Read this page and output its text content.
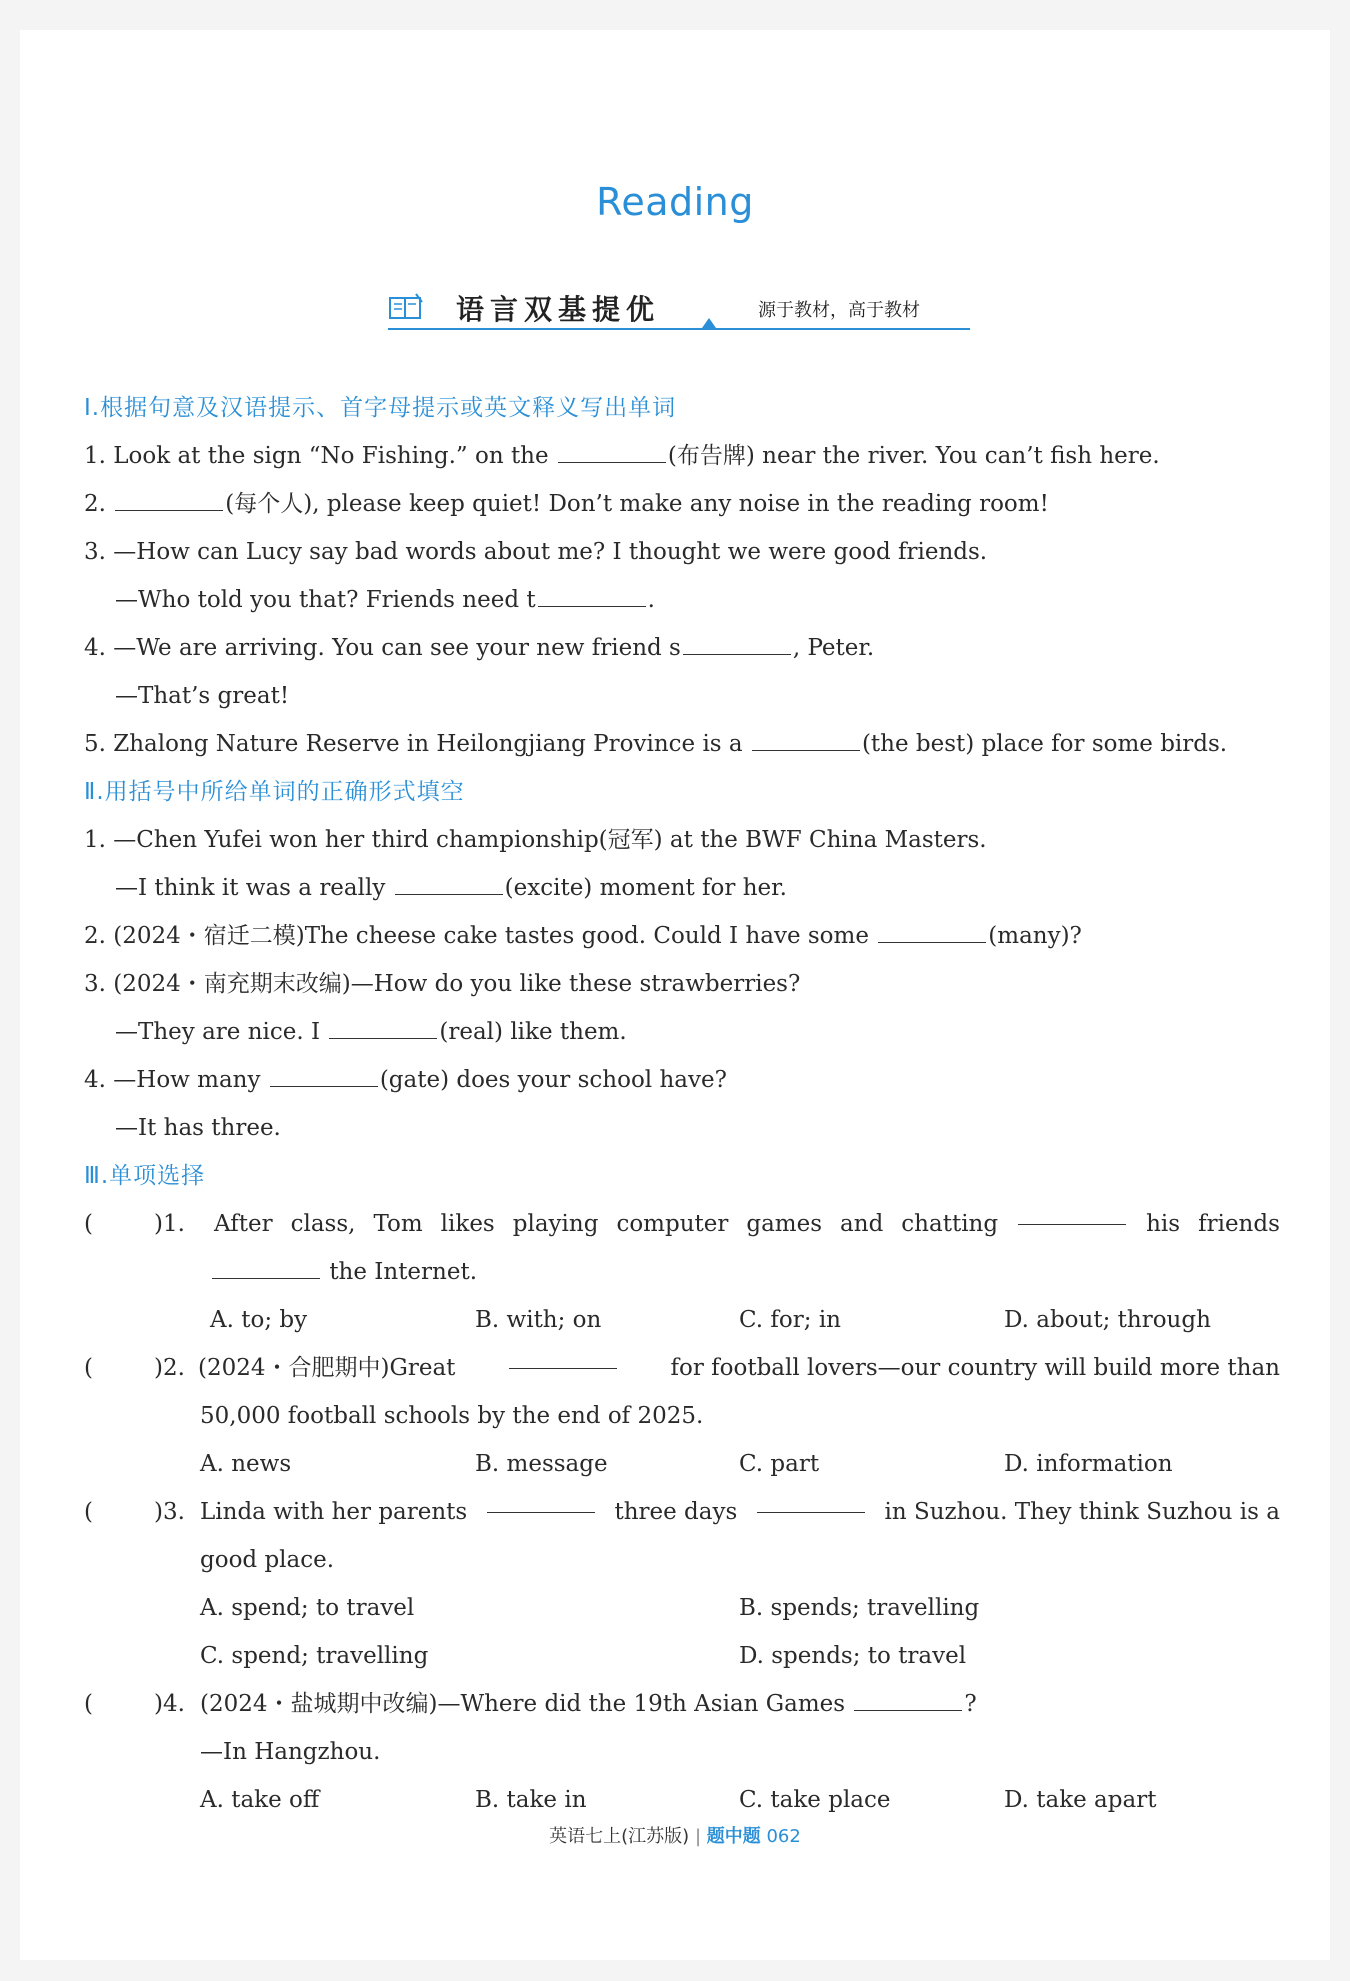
Reading
语言双基提优	源于教材，高于教材
Ⅰ.根据句意及汉语提示、首字母提示或英文释义写出单词
1. Look at the sign “No Fishing.” on the	(布告牌) near the river. You can’t fish here.
2.	(每个人), please keep quiet! Don’t make any noise in the reading room!
3. —How can Lucy say bad words about me? I thought we were good friends.
—Who told you that? Friends need t	.
4. —We are arriving. You can see your new friend s	, Peter.
—That’s great!
5. Zhalong Nature Reserve in Heilongjiang Province is a	(the best) place for some birds.
Ⅱ.用括号中所给单词的正确形式填空
1. —Chen Yufei won her third championship(冠军) at the BWF China Masters.
—I think it was a really	(excite) moment for her.
2. (2024・宿迁二模)The cheese cake tastes good. Could I have some	(many)?
3. (2024・南充期末改编)—How do you like these strawberries?
—They are nice. I	(real) like them.
4. —How many	(gate) does your school have?
—It has three.
Ⅲ.单项选择
(	)1. After class, Tom likes playing computer games and chatting	his friends
the Internet.
A. to; by	B. with; on	C. for; in	D. about; through
(	)2. (2024・合肥期中)Great	for football lovers—our country will build more than
50,000 football schools by the end of 2025.
A. news	B. message	C. part	D. information
(	)3. Linda with her parents	three days	in Suzhou. They think Suzhou is a
good place.
A. spend; to travel	B. spends; travelling
C. spend; travelling	D. spends; to travel
(	)4. (2024・盐城期中改编)—Where did the 19th Asian Games	?
—In Hangzhou.
A. take off	B. take in	C. take place	D. take apart
英语七上(江苏版) | 题中题 062
